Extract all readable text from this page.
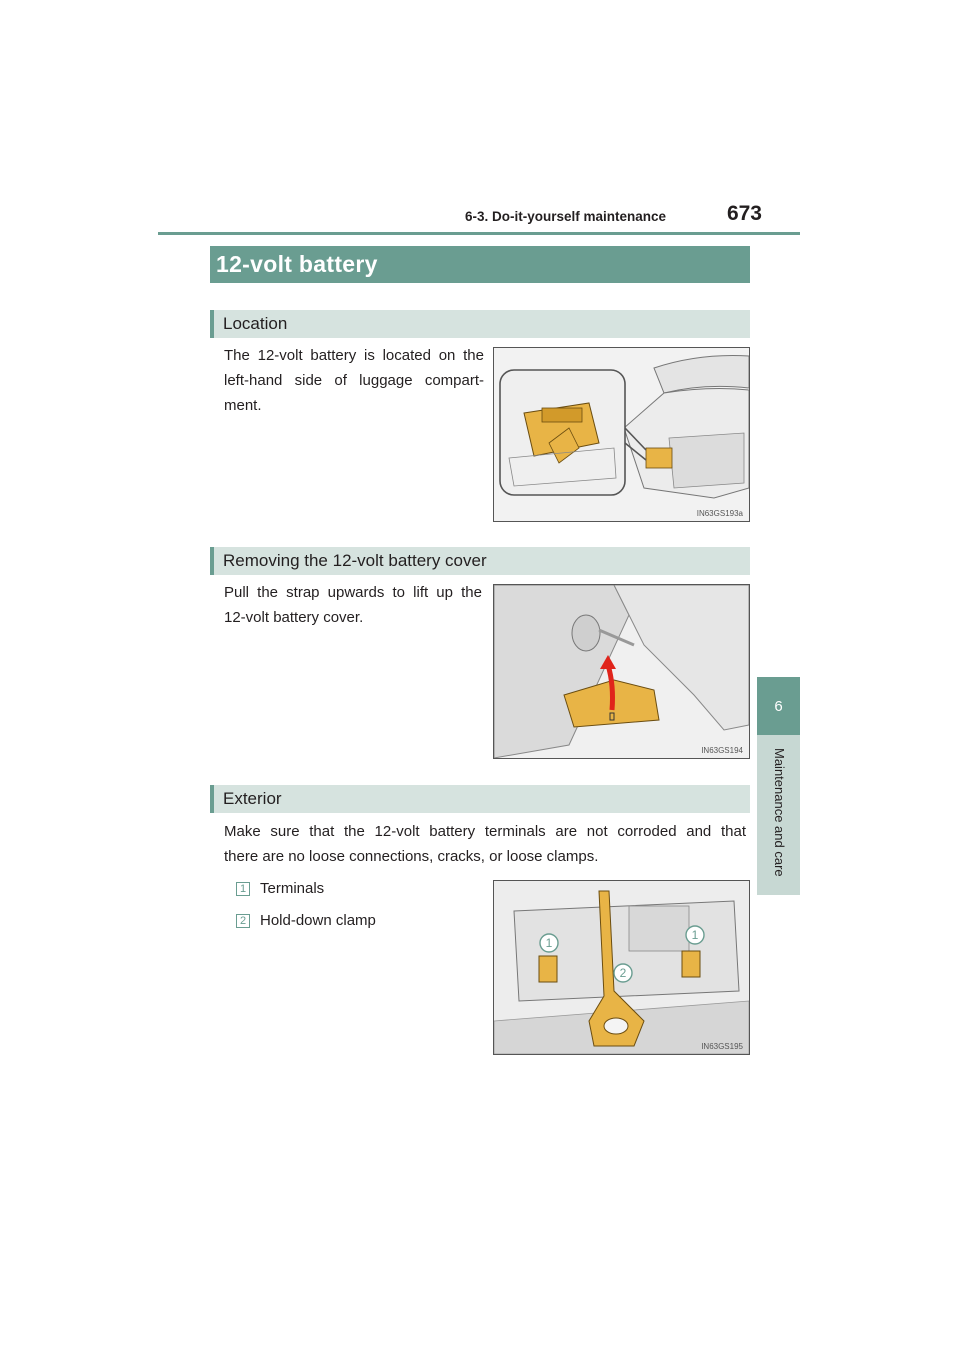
6-3. Do-it-yourself maintenance	673
6
Maintenance and care
12-volt battery
Location
The 12-volt battery is located on the
left-hand side of luggage compart-
ment.
IN63GS193a
Removing the 12-volt battery cover
Pull the strap upwards to lift up the
12-volt battery cover.
IN63GS194
Exterior
Make sure that the 12-volt battery terminals are not corroded and that
there are no loose connections, cracks, or loose clamps.
1 Terminals
2 Hold-down clamp
1
1
2
IN63GS195
